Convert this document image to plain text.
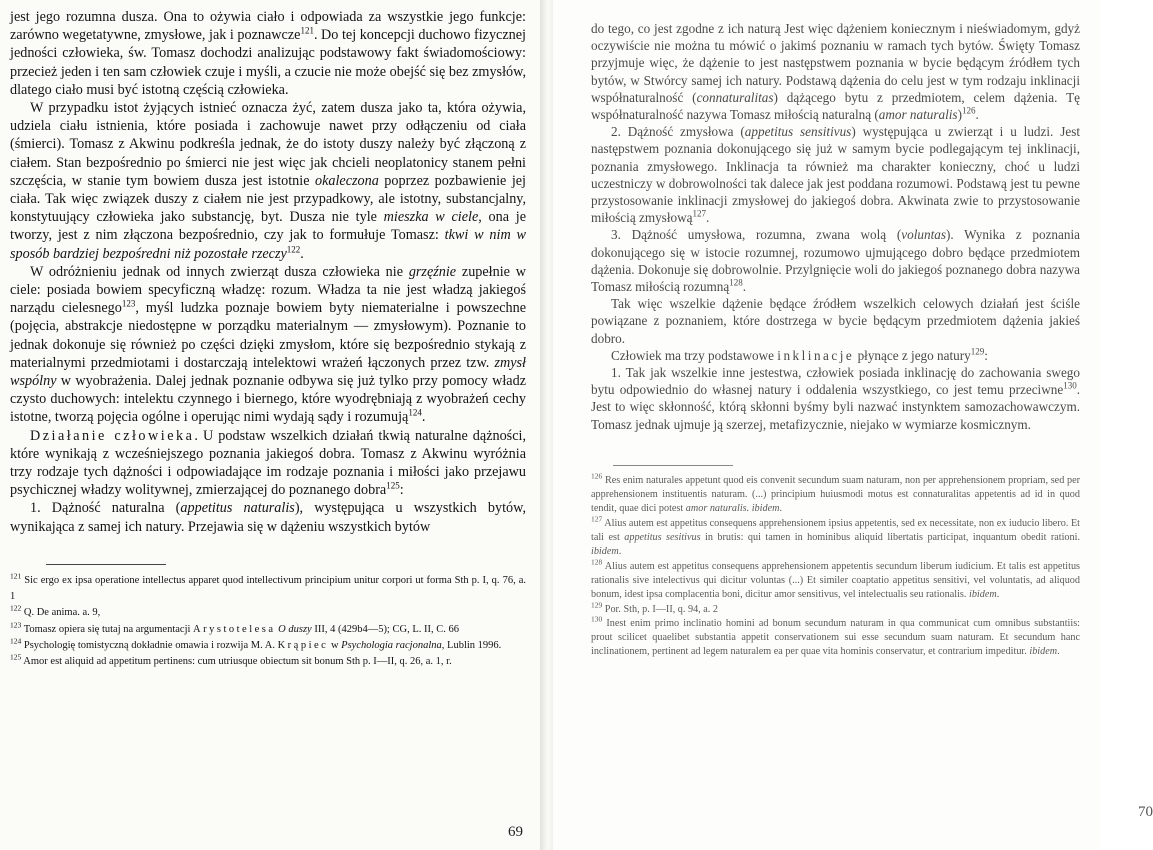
jest jego rozumna dusza. Ona to ożywia ciało i odpowiada za wszystkie jego funkcje: zarówno wegetatywne, zmysłowe, jak i poznawcze$^{121}$. Do tej koncepcji duchowo fizycznej jedności człowieka, św. Tomasz dochodzi analizując podstawowy fakt świadomościowy: przecież jeden i ten sam człowiek czuje i myśli, a czucie nie może obejść się bez zmysłów, dlatego ciało musi być istotną częścią człowieka.

W przypadku istot żyjących istnieć oznacza żyć, zatem dusza jako ta, która ożywia, udziela ciału istnienia, które posiada i zachowuje nawet przy odłączeniu od ciała (śmierci). Tomasz z Akwinu podkreśla jednak, że do istoty duszy należy być złączoną z ciałem. Stan bezpośrednio po śmierci nie jest więc jak chcieli neoplatonicy stanem pełni szczęścia, w stanie tym bowiem dusza jest istotnie okaleczona poprzez pozbawienie jej ciała. Tak więc związek duszy z ciałem nie jest przypadkowy, ale istotny, substancjalny, konstytuujący człowieka jako substancję, byt. Dusza nie tyle mieszka w ciele, ona je tworzy, jest z nim złączona bezpośrednio, czy jak to formułuje Tomasz: tkwi w nim w sposób bardziej bezpośredni niż pozostałe rzeczy$^{122}$.

W odróżnieniu jednak od innych zwierząt dusza człowieka nie grzęźnie zupełnie w ciele: posiada bowiem specyficzną władzę: rozum. Władza ta nie jest władzą jakiegoś narządu cielesnego$^{123}$, myśl ludzka poznaje bowiem byty niematerialne i powszechne (pojęcia, abstrakcje niedostępne w porządku materialnym — zmysłowym). Poznanie to jednak dokonuje się również po części dzięki zmysłom, które się bezpośrednio stykają z materialnymi przedmiotami i dostarczają intelektowi wrażeń łączonych przez tzw. zmysł wspólny w wyobrażenia. Dalej jednak poznanie odbywa się już tylko przy pomocy władz czysto duchowych: intelektu czynnego i biernego, które wyodrębniają z wyobrażeń cechy istotne, tworzą pojęcia ogólne i operując nimi wydają sądy i rozumują$^{124}$.

Działanie człowieka. U podstaw wszelkich działań tkwią naturalne dążności, które wynikają z wcześniejszego poznania jakiegoś dobra. Tomasz z Akwinu wyróżnia trzy rodzaje tych dążności i odpowiadające im rodzaje poznania i miłości jako przejawu psychicznej władzy wolitywnej, zmierzającej do poznanego dobra$^{125}$:

1. Dążność naturalna (appetitus naturalis), występująca u wszystkich bytów, wynikająca z samej ich natury. Przejawia się w dążeniu wszystkich bytów

$^{121}$ Sic ergo ex ipsa operatione intellectus apparet quod intellectivum principium unitur corpori ut forma Sth p. I, q. 76, a. 1

$^{122}$ Q. De anima. a. 9,

$^{123}$ Tomasz opiera się tutaj na argumentacji Arystotelesa O duszy III, 4 (429b4—5); CG, L. II, C. 66

$^{124}$ Psychologię tomistyczną dokładnie omawia i rozwija M. A. Krąpiec w Psychologia racjonalna, Lublin 1996.

$^{125}$ Amor est aliquid ad appetitum pertinens: cum utriusque obiectum sit bonum Sth p. I—II, q. 26, a. 1, r.

69

do tego, co jest zgodne z ich naturą Jest więc dążeniem koniecznym i nieświadomym, gdyż oczywiście nie można tu mówić o jakimś poznaniu w ramach tych bytów. Święty Tomasz przyjmuje więc, że dążenie to jest następstwem poznania w bycie będącym źródłem tych bytów, w Stwórcy samej ich natury. Podstawą dążenia do celu jest w tym rodzaju inklinacji współnaturalność (connaturalitas) dążącego bytu z przedmiotem, celem dążenia. Tę współnaturalność nazywa Tomasz miłością naturalną (amor naturalis)$^{126}$.

2. Dążność zmysłowa (appetitus sensitivus) występująca u zwierząt i u ludzi. Jest następstwem poznania dokonującego się już w samym bycie podlegającym tej inklinacji, poznania zmysłowego. Inklinacja ta również ma charakter konieczny, choć u ludzi uczestniczy w dobrowolności tak dalece jak jest poddana rozumowi. Podstawą jest tu pewne przystosowanie inklinacji zmysłowej do jakiegoś dobra. Akwinata zwie to przystosowanie miłością zmysłową$^{127}$.

3. Dążność umysłowa, rozumna, zwana wolą (voluntas). Wynika z poznania dokonującego się w istocie rozumnej, rozumowo ujmującego dobro będące przedmiotem dążenia. Dokonuje się dobrowolnie. Przylgnięcie woli do jakiegoś poznanego dobra nazywa Tomasz miłością rozumną$^{128}$.

Tak więc wszelkie dążenie będące źródłem wszelkich celowych działań jest ściśle powiązane z poznaniem, które dostrzega w bycie będącym przedmiotem dążenia jakieś dobro.

Człowiek ma trzy podstawowe inklinacje płynące z jego natury$^{129}$:

1. Tak jak wszelkie inne jestestwa, człowiek posiada inklinację do zachowania swego bytu odpowiednio do własnej natury i oddalenia wszystkiego, co jest temu przeciwne$^{130}$. Jest to więc skłonność, którą skłonni byśmy byli nazwać instynktem samozachowawczym. Tomasz jednak ujmuje ją szerzej, metafizycznie, niejako w wymiarze kosmicznym.

$^{126}$ Res enim naturales appetunt quod eis convenit secundum suam naturam, non per apprehensionem propriam, sed per apprehensionem instituentis naturam. (...) principium huiusmodi motus est connaturalitas appetentis ad id in quod tendit, quae dici potest amor naturalis. ibidem.

$^{127}$ Alius autem est appetitus consequens apprehensionem ipsius appetentis, sed ex necessitate, non ex iuducio libero. Et tali est appetitus sesitivus in brutis: qui tamen in hominibus aliquid libertatis participat, inquantum obedit rationi. ibidem.

$^{128}$ Alius autem est appetitus consequens apprehensionem appetentis secundum liberum iudicium. Et talis est appetitus rationalis sive intelectivus qui dicitur voluntas (...) Et similer coaptatio appetitus sensitivi, vel voluntatis, ad aliquod bonum, idest ipsa complacentia boni, dicitur amor sensitivus, vel intelectualis seu rationalis. ibidem.

$^{129}$ Por. Sth, p. I—II, q. 94, a. 2

$^{130}$ Inest enim primo inclinatio homini ad bonum secundum naturam in qua communicat cum omnibus substantiis: prout scilicet quaelibet substantia appetit conservationem sui esse secundum suam naturam. Et secundum hanc inclinationem, pertinent ad legem naturalem ea per quae vita hominis conservatur, et contrarium impeditur. ibidem.

70
